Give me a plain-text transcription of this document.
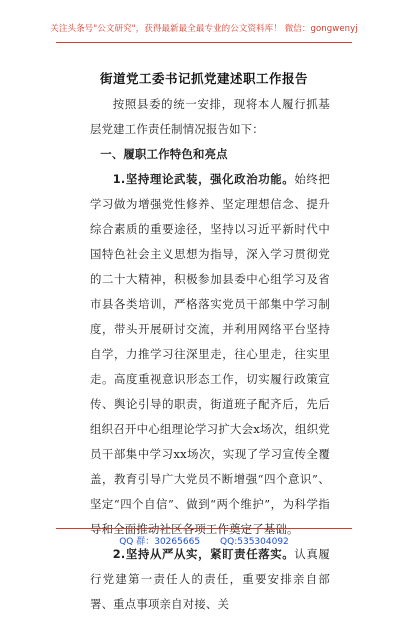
关注头条号"公文研究"，获得最新最全最专业的公文资料库！ 微信：gongwenyj
街道党工委书记抓党建述职工作报告

按照县委的统一安排，现将本人履行抓基层党建工作责任制情况报告如下：

一、履职工作特色和亮点

1.坚持理论武装，强化政治功能。始终把学习做为增强党性修养、坚定理想信念、提升综合素质的重要途径，坚持以习近平新时代中国特色社会主义思想为指导，深入学习贯彻党的二十大精神，积极参加县委中心组学习及省市县各类培训，严格落实党员干部集中学习制度，带头开展研讨交流，并利用网络平台坚持自学，力推学习往深里走，往心里走，往实里走。高度重视意识形态工作，切实履行政策宣传、舆论引导的职责，街道班子配齐后，先后组织召开中心组理论学习扩大会x场次，组织党员干部集中学习xx场次，实现了学习宣传全覆盖，教育引导广大党员不断增强“四个意识”、坚定“四个自信”、做到“两个维护”，为科学指导和全面推动社区各项工作奠定了基础。

2.坚持从严从实，紧盯责任落实。认真履行党建第一责任人的责任，重要安排亲自部署、重点事项亲自对接、关

QQ 群：30265665 QQ:535304092
